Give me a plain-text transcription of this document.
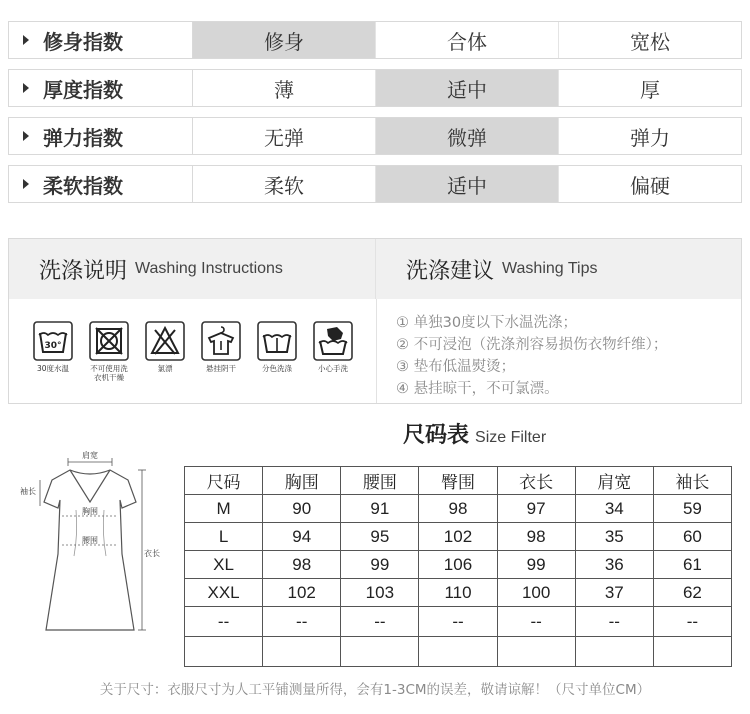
修身指数	修身	合体	宽松
厚度指数	薄	适中	厚
弹力指数	无弹	微弹	弹力
柔软指数	柔软	适中	偏硬
洗涤说明 Washing Instructions	洗涤建议 Washing Tips
30°
30度水温	不可使用洗衣机干燥
氯漂	悬挂阴干	分色洗涤	小心手洗
① 单独30度以下水温洗涤；
② 不可浸泡（洗涤剂容易损伤衣物纤维）；
③ 垫布低温熨烫；
④ 悬挂晾干，不可氯漂。
尺码表 Size Filter
肩宽
胸围
腰围
袖长
衣长
尺码	胸围	腰围	臀围	衣长	肩宽	袖长
M	90	91	98	97	34	59
L	94	95	102	98	35	60
XL	98	99	106	99	36	61
XXL	102	103	110	100	37	62
--	--	--	--	--	--	--

关于尺寸：衣服尺寸为人工平铺测量所得，会有1-3CM的误差，敬请谅解！（尺寸单位CM）
